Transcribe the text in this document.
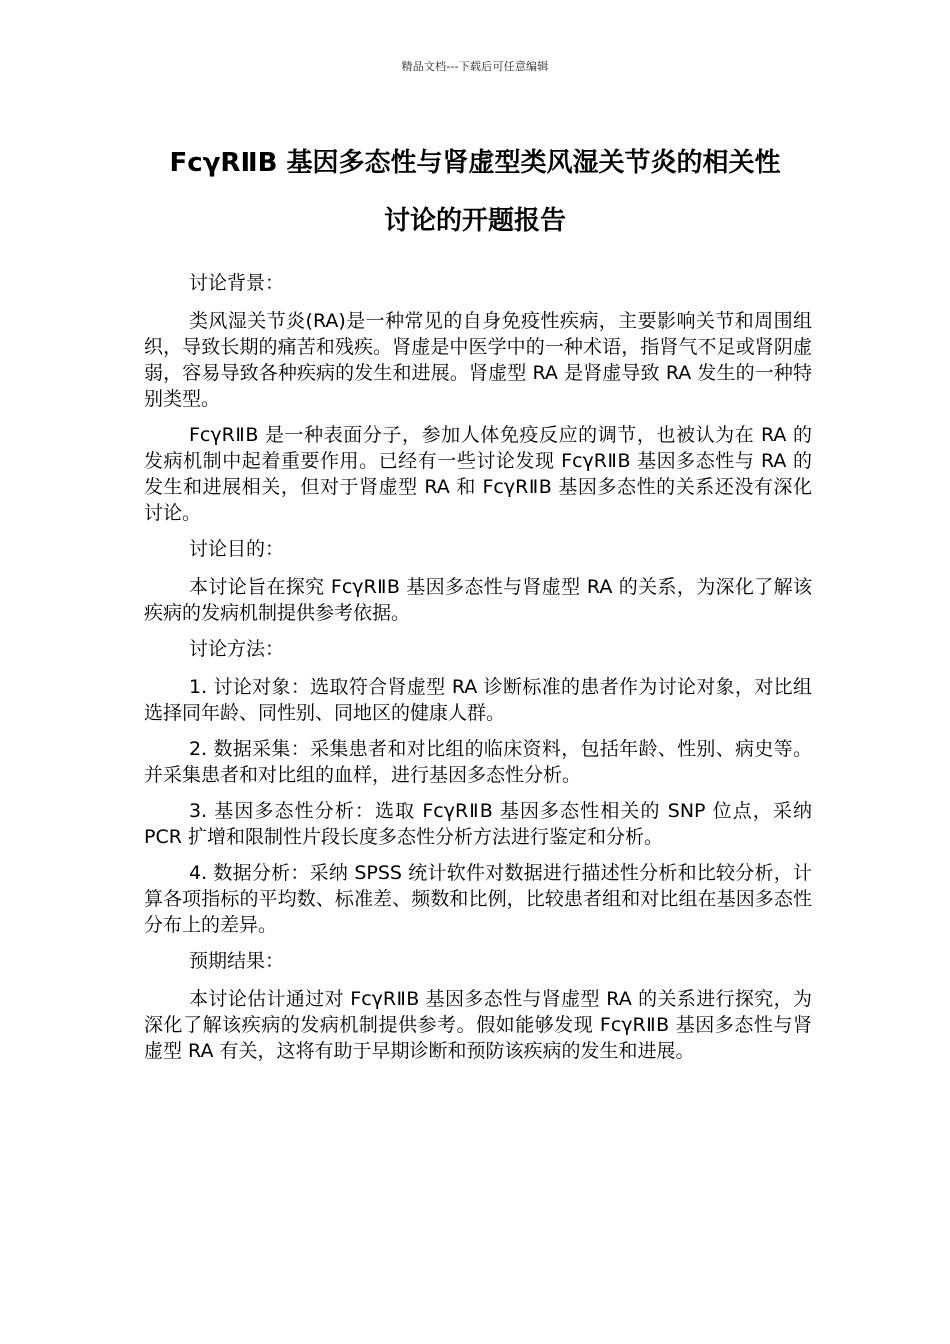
精品文档---下载后可任意编辑
FcγRⅡB 基因多态性与肾虚型类风湿关节炎的相关性
讨论的开题报告

讨论背景：

类风湿关节炎(RA)是一种常见的自身免疫性疾病，主要影响关节和周围组织，导致长期的痛苦和残疾。肾虚是中医学中的一种术语，指肾气不足或肾阴虚弱，容易导致各种疾病的发生和进展。肾虚型 RA 是肾虚导致 RA 发生的一种特别类型。

FcγRⅡB 是一种表面分子，参加人体免疫反应的调节，也被认为在 RA 的发病机制中起着重要作用。已经有一些讨论发现 FcγRⅡB 基因多态性与 RA 的发生和进展相关，但对于肾虚型 RA 和 FcγRⅡB 基因多态性的关系还没有深化讨论。

讨论目的：

本讨论旨在探究 FcγRⅡB 基因多态性与肾虚型 RA 的关系，为深化了解该疾病的发病机制提供参考依据。

讨论方法：

1. 讨论对象：选取符合肾虚型 RA 诊断标准的患者作为讨论对象，对比组选择同年龄、同性别、同地区的健康人群。

2. 数据采集：采集患者和对比组的临床资料，包括年龄、性别、病史等。并采集患者和对比组的血样，进行基因多态性分析。

3. 基因多态性分析：选取 FcγRⅡB 基因多态性相关的 SNP 位点，采纳 PCR 扩增和限制性片段长度多态性分析方法进行鉴定和分析。

4. 数据分析：采纳 SPSS 统计软件对数据进行描述性分析和比较分析，计算各项指标的平均数、标准差、频数和比例，比较患者组和对比组在基因多态性分布上的差异。

预期结果：

本讨论估计通过对 FcγRⅡB 基因多态性与肾虚型 RA 的关系进行探究，为深化了解该疾病的发病机制提供参考。假如能够发现 FcγRⅡB 基因多态性与肾虚型 RA 有关，这将有助于早期诊断和预防该疾病的发生和进展。
